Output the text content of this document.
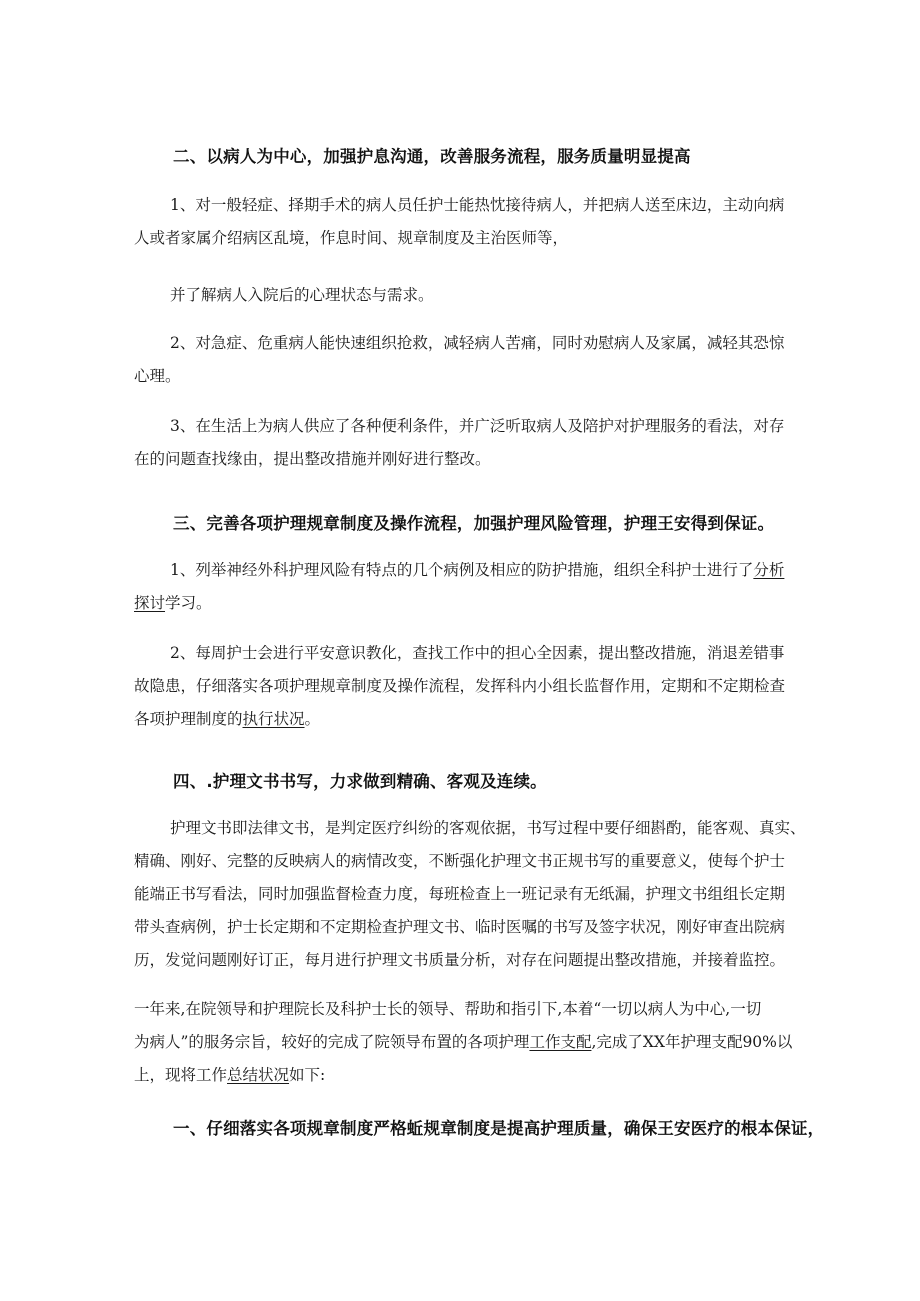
二、以病人为中心，加强护息沟通，改善服务流程，服务质量明显提高
1、对一般轻症、择期手术的病人员任护士能热忱接待病人，并把病人送至床边，主动向病
人或者家属介绍病区乱境，作息时间、规章制度及主治医师等，
并了解病人入院后的心理状态与需求。
2、对急症、危重病人能快速组织抢救，减轻病人苦痛，同时劝慰病人及家属，减轻其恐惊
心理。
3、在生活上为病人供应了各种便利条件，并广泛听取病人及陪护对护理服务的看法，对存
在的问题查找缘由，提出整改措施并刚好进行整改。
三、完善各项护理规章制度及操作流程，加强护理风险管理，护理王安得到保证。
1、列举神经外科护理风险有特点的几个病例及相应的防护措施，组织全科护士进行了分析
探讨学习。
2、每周护士会进行平安意识教化，查找工作中的担心全因素，提出整改措施，消退差错事
故隐患，仔细落实各项护理规章制度及操作流程，发挥科内小组长监督作用，定期和不定期检查
各项护理制度的执行状况。
四、.护理文书书写，力求做到精确、客观及连续。
护理文书即法律文书，是判定医疗纠纷的客观依据，书写过程中要仔细斟酌，能客观、真实、
精确、刚好、完整的反映病人的病情改变，不断强化护理文书正规书写的重要意义，使每个护士
能端正书写看法，同时加强监督检查力度，每班检查上一班记录有无纸漏，护理文书组组长定期
带头查病例，护士长定期和不定期检查护理文书、临时医嘱的书写及签字状况，刚好审查出院病
历，发觉问题刚好订正，每月进行护理文书质量分析，对存在问题提出整改措施，并接着监控。
一年来,在院领导和护理院长及科护士长的领导、帮助和指引下,本着“一切以病人为中心,一切
为病人”的服务宗旨，较好的完成了院领导布置的各项护理工作支配,完成了XX年护理支配90%以
上，现将工作总结状况如下:
一、仔细落实各项规章制度严格蚯规章制度是提高护理质量，确保王安医疗的根本保证，
